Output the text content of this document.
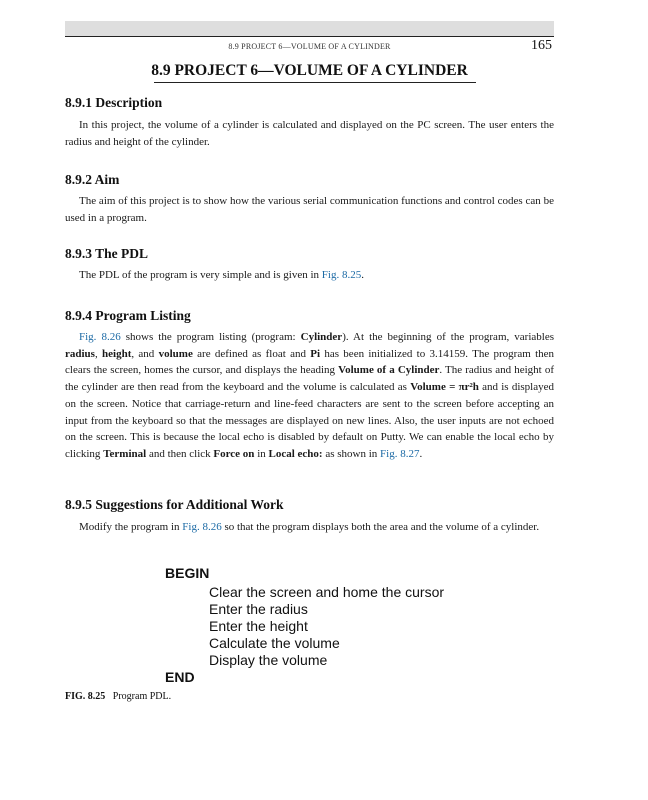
8.9 PROJECT 6—VOLUME OF A CYLINDER	165
8.9 PROJECT 6—VOLUME OF A CYLINDER
8.9.1 Description
In this project, the volume of a cylinder is calculated and displayed on the PC screen. The user enters the radius and height of the cylinder.
8.9.2 Aim
The aim of this project is to show how the various serial communication functions and control codes can be used in a program.
8.9.3 The PDL
The PDL of the program is very simple and is given in Fig. 8.25.
8.9.4 Program Listing
Fig. 8.26 shows the program listing (program: Cylinder). At the beginning of the program, variables radius, height, and volume are defined as float and Pi has been initialized to 3.14159. The program then clears the screen, homes the cursor, and displays the heading Volume of a Cylinder. The radius and height of the cylinder are then read from the keyboard and the volume is calculated as Volume = πr²h and is displayed on the screen. Notice that carriage-return and line-feed characters are sent to the screen before accepting an input from the keyboard so that the messages are displayed on new lines. Also, the user inputs are not echoed on the screen. This is because the local echo is disabled by default on Putty. We can enable the local echo by clicking Terminal and then click Force on in Local echo: as shown in Fig. 8.27.
8.9.5 Suggestions for Additional Work
Modify the program in Fig. 8.26 so that the program displays both the area and the volume of a cylinder.
BEGIN
Clear the screen and home the cursor
Enter the radius
Enter the height
Calculate the volume
Display the volume
END
FIG. 8.25 Program PDL.
